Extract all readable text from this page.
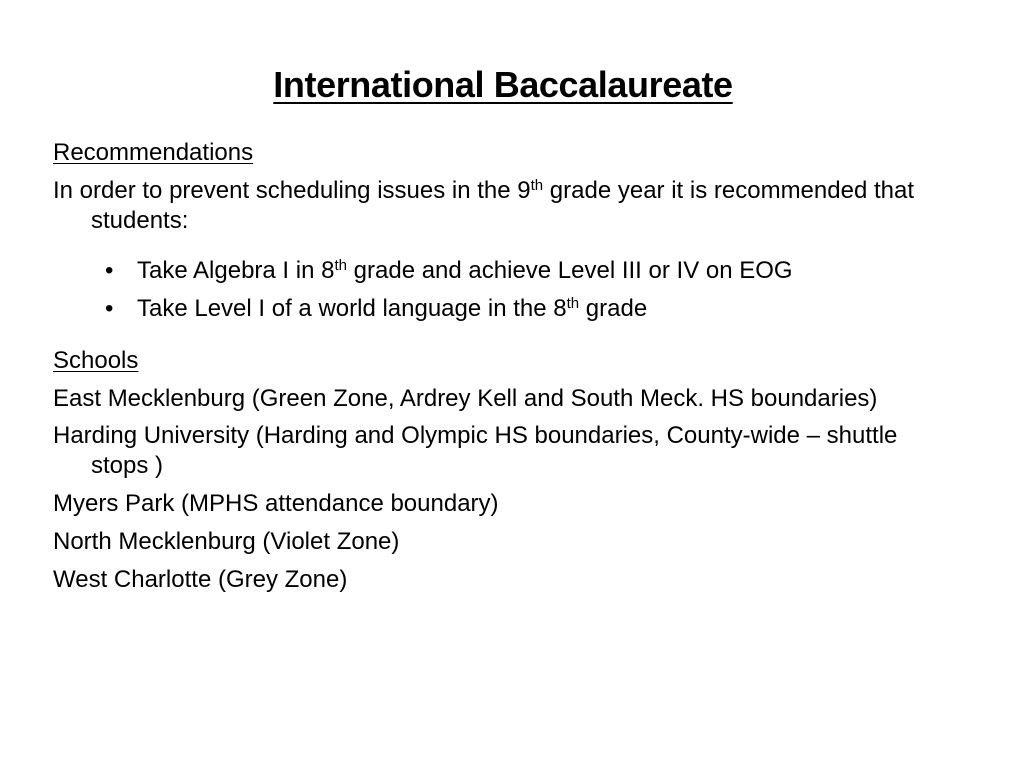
International Baccalaureate

Recommendations

In order to prevent scheduling issues in the 9th grade year it is recommended that students:

• Take Algebra I in 8th grade and achieve Level III or IV on EOG
• Take Level I of a world language in the 8th grade

Schools

East Mecklenburg (Green Zone, Ardrey Kell and South Meck. HS boundaries)

Harding University (Harding and Olympic HS boundaries, County-wide – shuttle stops )

Myers Park (MPHS attendance boundary)

North Mecklenburg (Violet Zone)

West Charlotte (Grey Zone)
